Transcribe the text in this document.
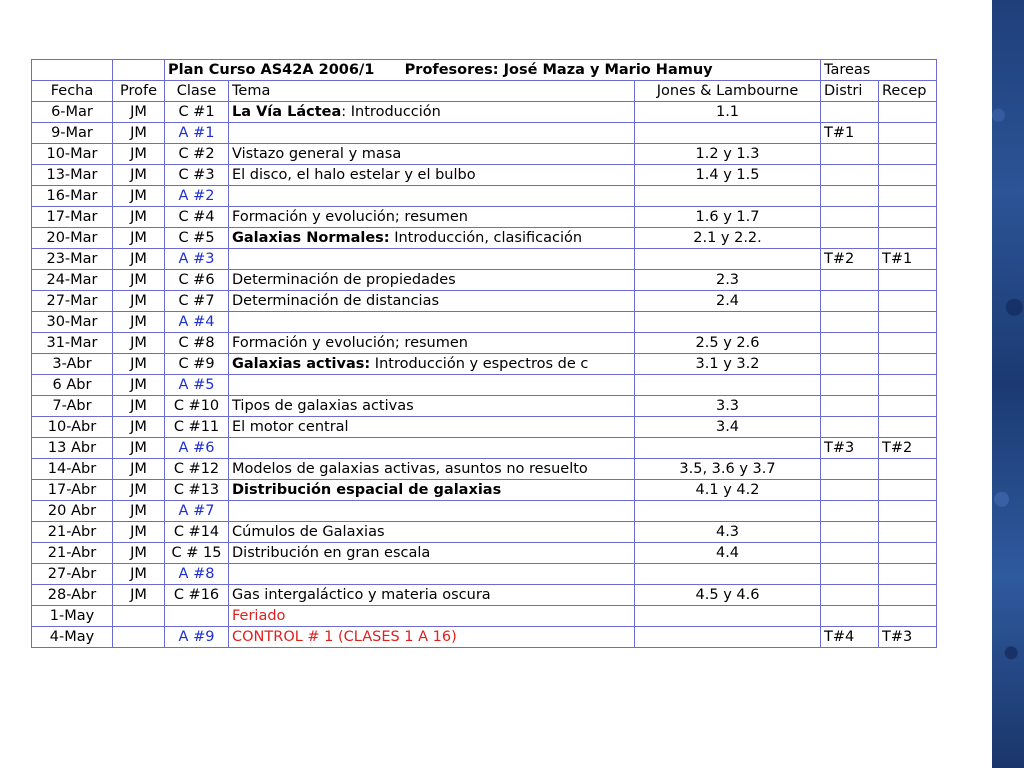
		Plan Curso AS42A 2006/1 Profesores: José Maza y Mario Hamuy			Tareas	
Fecha	Profe	Clase	Tema	Jones & Lambourne	Distri	Recep
6-Mar	JM	C #1	La Vía Láctea: Introducción	1.1		
9-Mar	JM	A #1			T#1	
10-Mar	JM	C #2	Vistazo general y masa	1.2 y 1.3		
13-Mar	JM	C #3	El disco, el halo estelar y el bulbo	1.4 y 1.5		
16-Mar	JM	A #2				
17-Mar	JM	C #4	Formación y evolución; resumen	1.6 y 1.7		
20-Mar	JM	C #5	Galaxias Normales: Introducción, clasificación	2.1 y 2.2.		
23-Mar	JM	A #3			T#2	T#1
24-Mar	JM	C #6	Determinación de propiedades	2.3		
27-Mar	JM	C #7	Determinación de distancias	2.4		
30-Mar	JM	A #4				
31-Mar	JM	C #8	Formación y evolución; resumen	2.5 y 2.6		
3-Abr	JM	C #9	Galaxias activas: Introducción y espectros de c	3.1 y 3.2		
6 Abr	JM	A #5				
7-Abr	JM	C #10	Tipos de galaxias activas	3.3		
10-Abr	JM	C #11	El motor central	3.4		
13 Abr	JM	A #6			T#3	T#2
14-Abr	JM	C #12	Modelos de galaxias activas, asuntos no resuelto	3.5, 3.6 y 3.7		
17-Abr	JM	C #13	Distribución espacial de galaxias	4.1 y 4.2		
20 Abr	JM	A #7				
21-Abr	JM	C #14	Cúmulos de Galaxias	4.3		
21-Abr	JM	C # 15	Distribución en gran escala	4.4		
27-Abr	JM	A #8				
28-Abr	JM	C #16	Gas intergaláctico y materia oscura	4.5 y 4.6		
1-May			Feriado			
4-May		A #9	CONTROL # 1 (CLASES 1 A 16)		T#4	T#3
